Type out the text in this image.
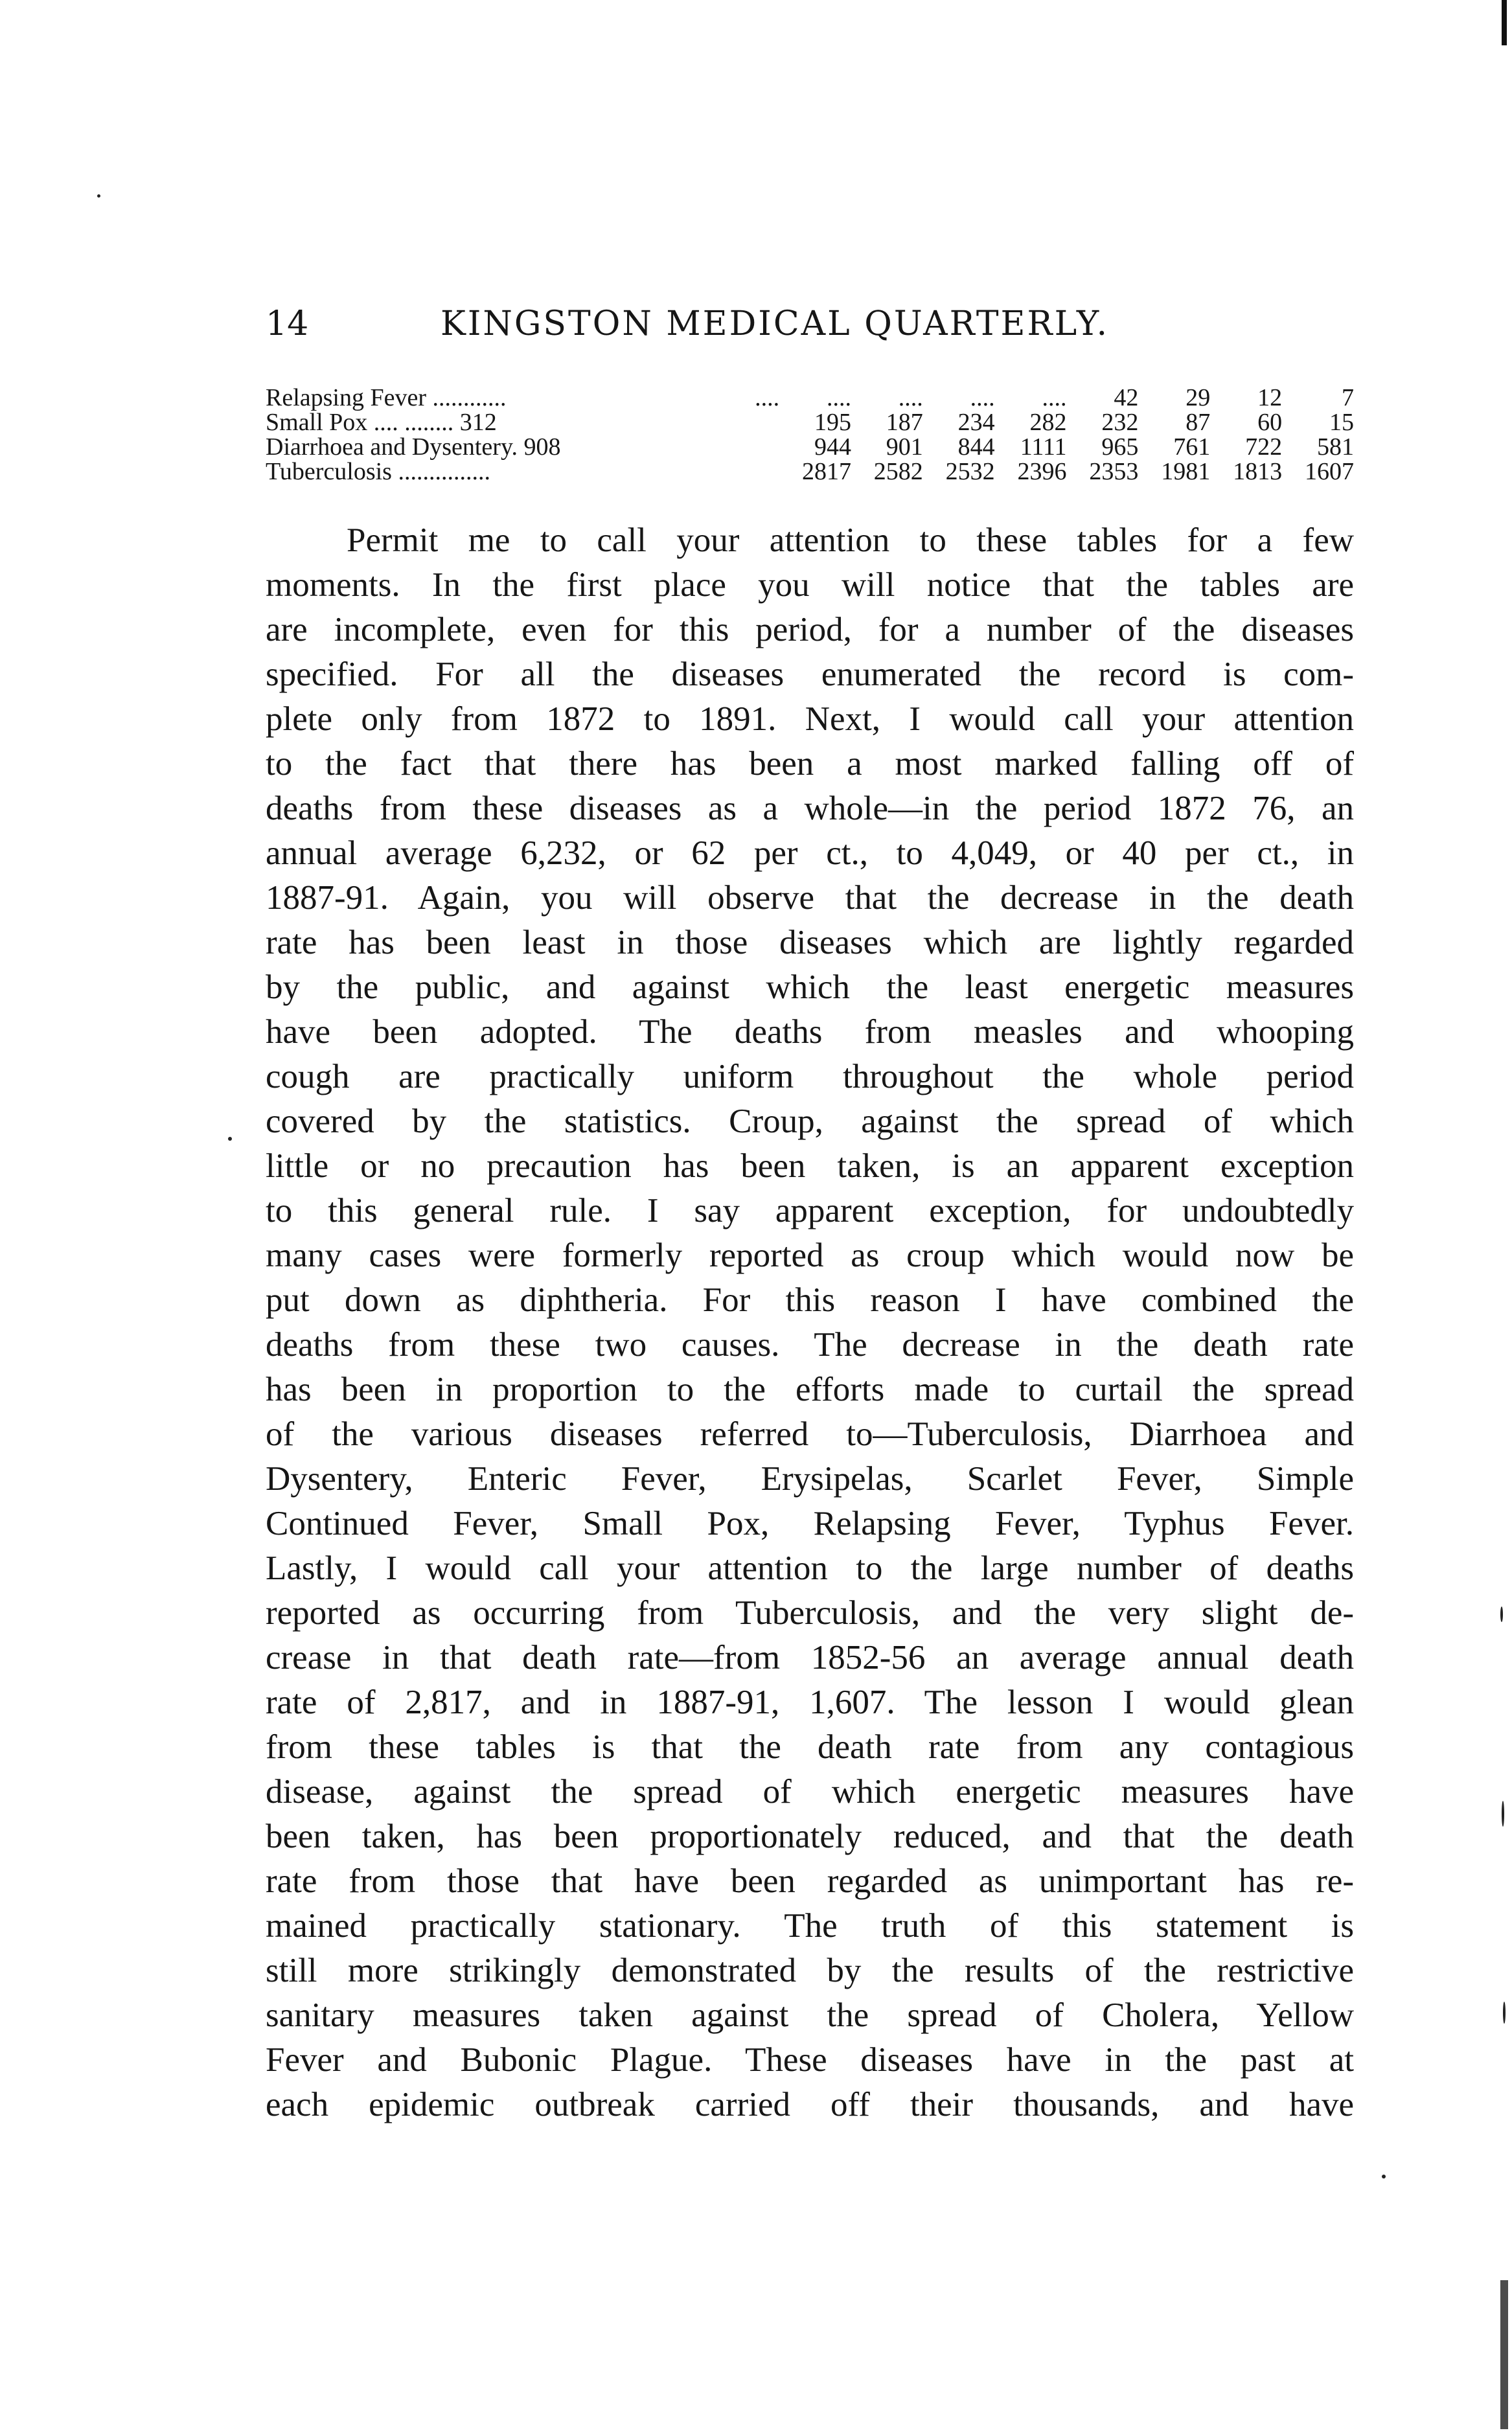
14	KINGSTON MEDICAL QUARTERLY.
Relapsing Fever ............	....	....	....	....	....	42	29	12	7
Small Pox .... ........ 312		195	187	234	282	232	87	60	15
Diarrhoea and Dysentery. 908		944	901	844	1111	965	761	722	581
Tuberculosis ...............		2817	2582	2532	2396	2353	1981	1813	1607
Permit me to call your attention to these tables for a few
moments. In the first place you will notice that the tables are
are incomplete, even for this period, for a number of the diseases
specified. For all the diseases enumerated the record is com-
plete only from 1872 to 1891. Next, I would call your attention
to the fact that there has been a most marked falling off of
deaths from these diseases as a whole—in the period 1872 76, an
annual average 6,232, or 62 per ct., to 4,049, or 40 per ct., in
1887-91. Again, you will observe that the decrease in the death
rate has been least in those diseases which are lightly regarded
by the public, and against which the least energetic measures
have been adopted. The deaths from measles and whooping
cough are practically uniform throughout the whole period
covered by the statistics. Croup, against the spread of which
little or no precaution has been taken, is an apparent exception
to this general rule. I say apparent exception, for undoubtedly
many cases were formerly reported as croup which would now be
put down as diphtheria. For this reason I have combined the
deaths from these two causes. The decrease in the death rate
has been in proportion to the efforts made to curtail the spread
of the various diseases referred to—Tuberculosis, Diarrhoea and
Dysentery, Enteric Fever, Erysipelas, Scarlet Fever, Simple
Continued Fever, Small Pox, Relapsing Fever, Typhus Fever.
Lastly, I would call your attention to the large number of deaths
reported as occurring from Tuberculosis, and the very slight de-
crease in that death rate—from 1852-56 an average annual death
rate of 2,817, and in 1887-91, 1,607. The lesson I would glean
from these tables is that the death rate from any contagious
disease, against the spread of which energetic measures have
been taken, has been proportionately reduced, and that the death
rate from those that have been regarded as unimportant has re-
mained practically stationary. The truth of this statement is
still more strikingly demonstrated by the results of the restrictive
sanitary measures taken against the spread of Cholera, Yellow
Fever and Bubonic Plague. These diseases have in the past at
each epidemic outbreak carried off their thousands, and have
